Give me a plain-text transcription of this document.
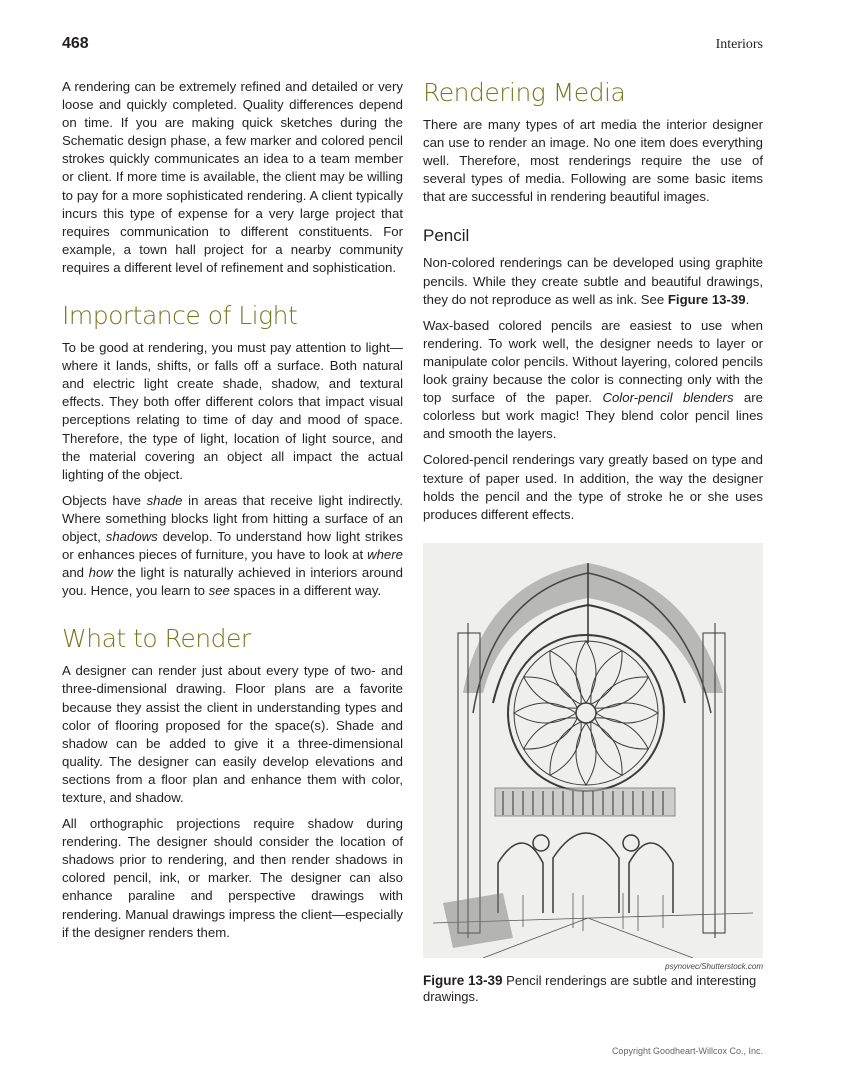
468	Interiors

A rendering can be extremely refined and detailed or very loose and quickly completed. Quality differences depend on time. If you are making quick sketches during the Schematic design phase, a few marker and colored pencil strokes quickly communicates an idea to a team member or client. If more time is available, the client may be willing to pay for a more sophisticated rendering. A client typically incurs this type of expense for a very large project that requires communication to different constituents. For example, a town hall project for a nearby community requires a different level of refinement and sophistication.

Importance of Light

To be good at rendering, you must pay attention to light—where it lands, shifts, or falls off a surface. Both natural and electric light create shade, shadow, and textural effects. They both offer different colors that impact visual perceptions relating to time of day and mood of space. Therefore, the type of light, location of light source, and the material covering an object all impact the actual lighting of the object.

Objects have shade in areas that receive light indirectly. Where something blocks light from hitting a surface of an object, shadows develop. To understand how light strikes or enhances pieces of furniture, you have to look at where and how the light is naturally achieved in interiors around you. Hence, you learn to see spaces in a different way.

What to Render

A designer can render just about every type of two- and three-dimensional drawing. Floor plans are a favorite because they assist the client in understanding types and color of flooring proposed for the space(s). Shade and shadow can be added to give it a three-dimensional quality. The designer can easily develop elevations and sections from a floor plan and enhance them with color, texture, and shadow.

All orthographic projections require shadow during rendering. The designer should consider the location of shadows prior to rendering, and then render shadows in colored pencil, ink, or marker. The designer can also enhance paraline and perspective drawings with rendering. Manual drawings impress the client—especially if the designer renders them.

Rendering Media

There are many types of art media the interior designer can use to render an image. No one item does everything well. Therefore, most renderings require the use of several types of media. Following are some basic items that are successful in rendering beautiful images.

Pencil

Non-colored renderings can be developed using graphite pencils. While they create subtle and beautiful drawings, they do not reproduce as well as ink. See Figure 13-39.

Wax-based colored pencils are easiest to use when rendering. To work well, the designer needs to layer or manipulate color pencils. Without layering, colored pencils look grainy because the color is connecting only with the top surface of the paper. Color-pencil blenders are colorless but work magic! They blend color pencil lines and smooth the layers.

Colored-pencil renderings vary greatly based on type and texture of paper used. In addition, the way the designer holds the pencil and the type of stroke he or she uses produces different effects.

psynovec/Shutterstock.com
Figure 13-39 Pencil renderings are subtle and interesting drawings.
Copyright Goodheart-Willcox Co., Inc.
